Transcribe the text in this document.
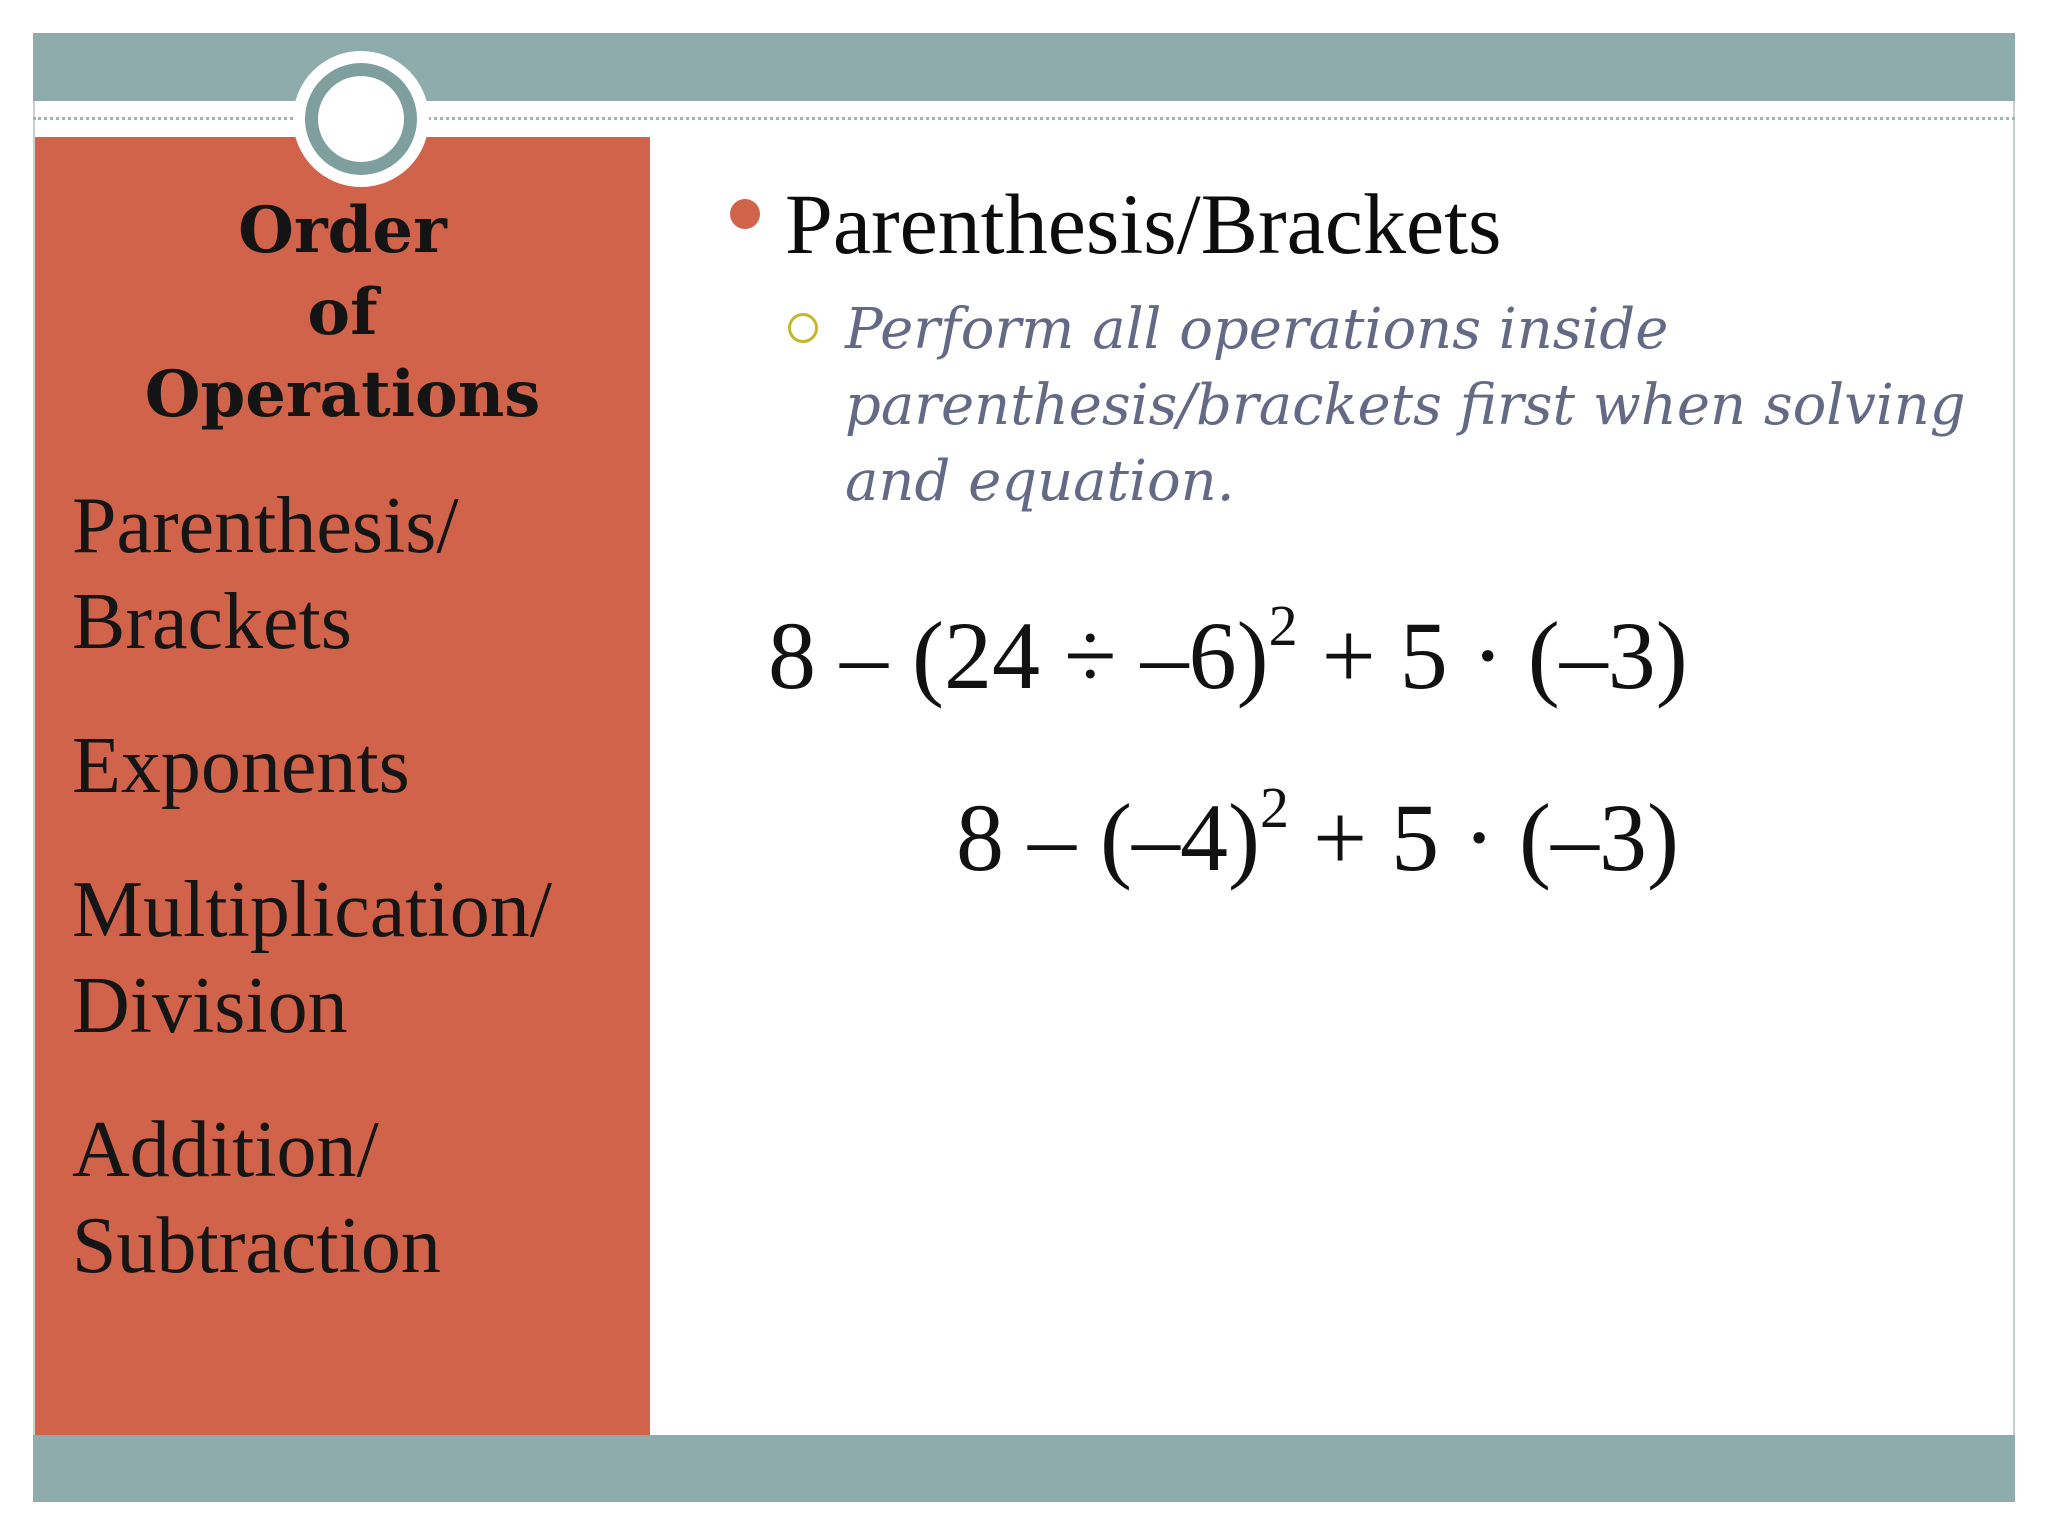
Order
of
Operations
Parenthesis/
Brackets
Exponents
Multiplication/
Division
Addition/
Subtraction
Parenthesis/Brackets
Perform all operations inside
parenthesis/brackets first when solving
and equation.
$8 - (24 \div -6)^2 + 5 \cdot (-3)$
$8 - (-4)^2 + 5 \cdot (-3)$
